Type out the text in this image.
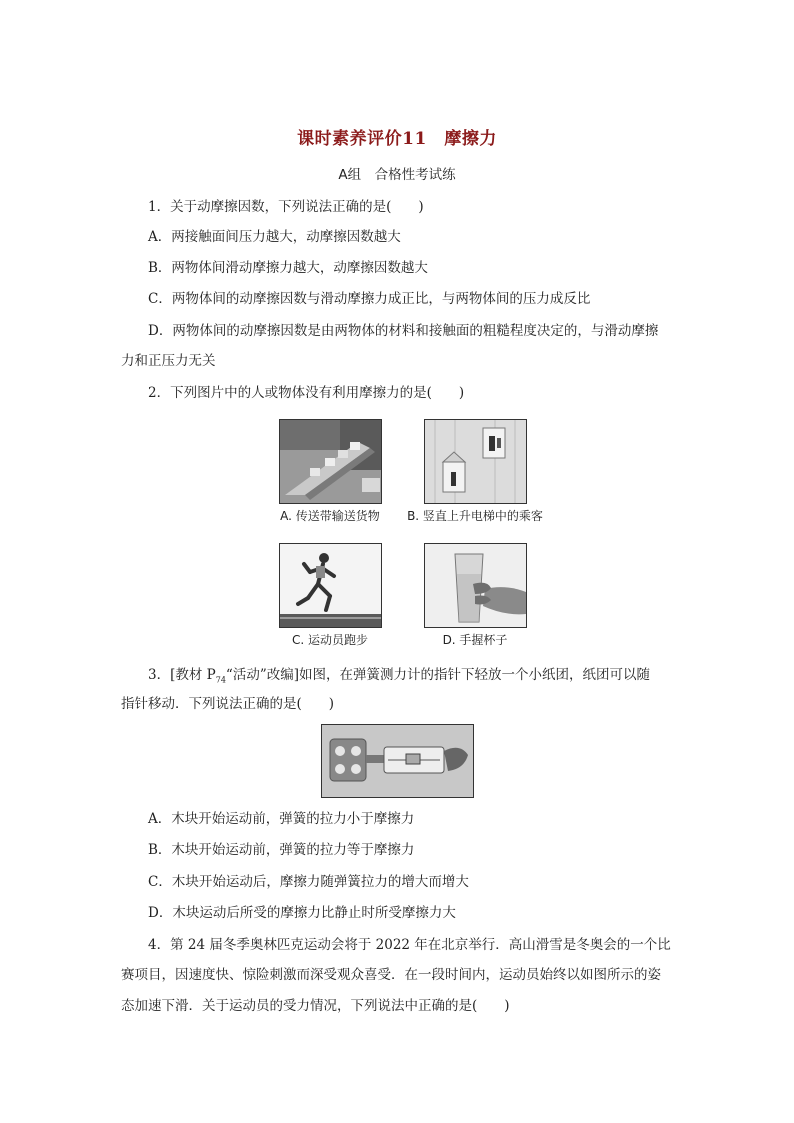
课时素养评价11　摩擦力
A组　合格性考试练
1．关于动摩擦因数，下列说法正确的是(　　)
A．两接触面间压力越大，动摩擦因数越大
B．两物体间滑动摩擦力越大，动摩擦因数越大
C．两物体间的动摩擦因数与滑动摩擦力成正比，与两物体间的压力成反比
D．两物体间的动摩擦因数是由两物体的材料和接触面的粗糙程度决定的，与滑动摩擦
力和正压力无关
2．下列图片中的人或物体没有利用摩擦力的是(　　)
A. 传送带输送货物	B. 竖直上升电梯中的乘客
C. 运动员跑步	D. 手握杯子
3．[教材 $P_{74}“$活动”改编]如图，在弹簧测力计的指针下轻放一个小纸团，纸团可以随
指针移动．下列说法正确的是(　　)
A．木块开始运动前，弹簧的拉力小于摩擦力
B．木块开始运动前，弹簧的拉力等于摩擦力
C．木块开始运动后，摩擦力随弹簧拉力的增大而增大
D．木块运动后所受的摩擦力比静止时所受摩擦力大
4．第 24 届冬季奥林匹克运动会将于 2022 年在北京举行．高山滑雪是冬奥会的一个比
赛项目，因速度快、惊险刺激而深受观众喜受．在一段时间内，运动员始终以如图所示的姿
态加速下滑．关于运动员的受力情况，下列说法中正确的是(　　)
